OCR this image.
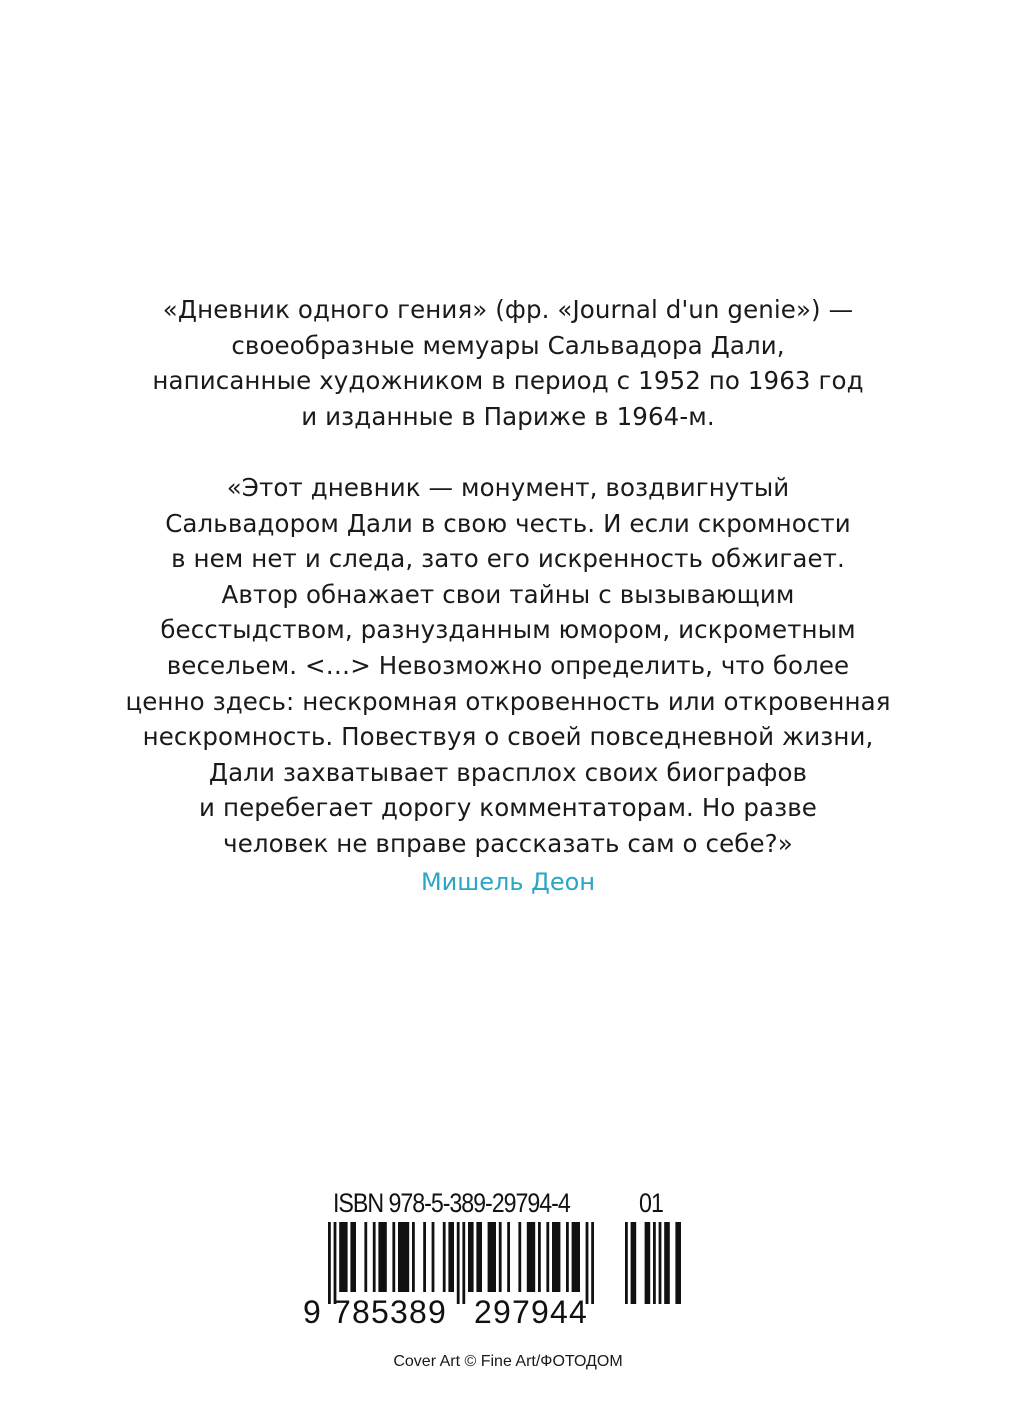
«Дневник одного гения» (фр. «Journal d'un genie») —
своеобразные мемуары Сальвадора Дали,
написанные художником в период с 1952 по 1963 год
и изданные в Париже в 1964-м.
«Этот дневник — монумент, воздвигнутый
Сальвадором Дали в свою честь. И если скромности
в нем нет и следа, зато его искренность обжигает.
Автор обнажает свои тайны с вызывающим
бесстыдством, разнузданным юмором, искрометным
весельем. <…> Невозможно определить, что более
ценно здесь: нескромная откровенность или откровенная
нескромность. Повествуя о своей повседневной жизни,
Дали захватывает врасплох своих биографов
и перебегает дорогу комментаторам. Но разве
человек не вправе рассказать сам о себе?»
Мишель Деон
ISBN 978-5-389-29794-4	01
9 785389 297944
Cover Art © Fine Art/ФОТОДОМ
